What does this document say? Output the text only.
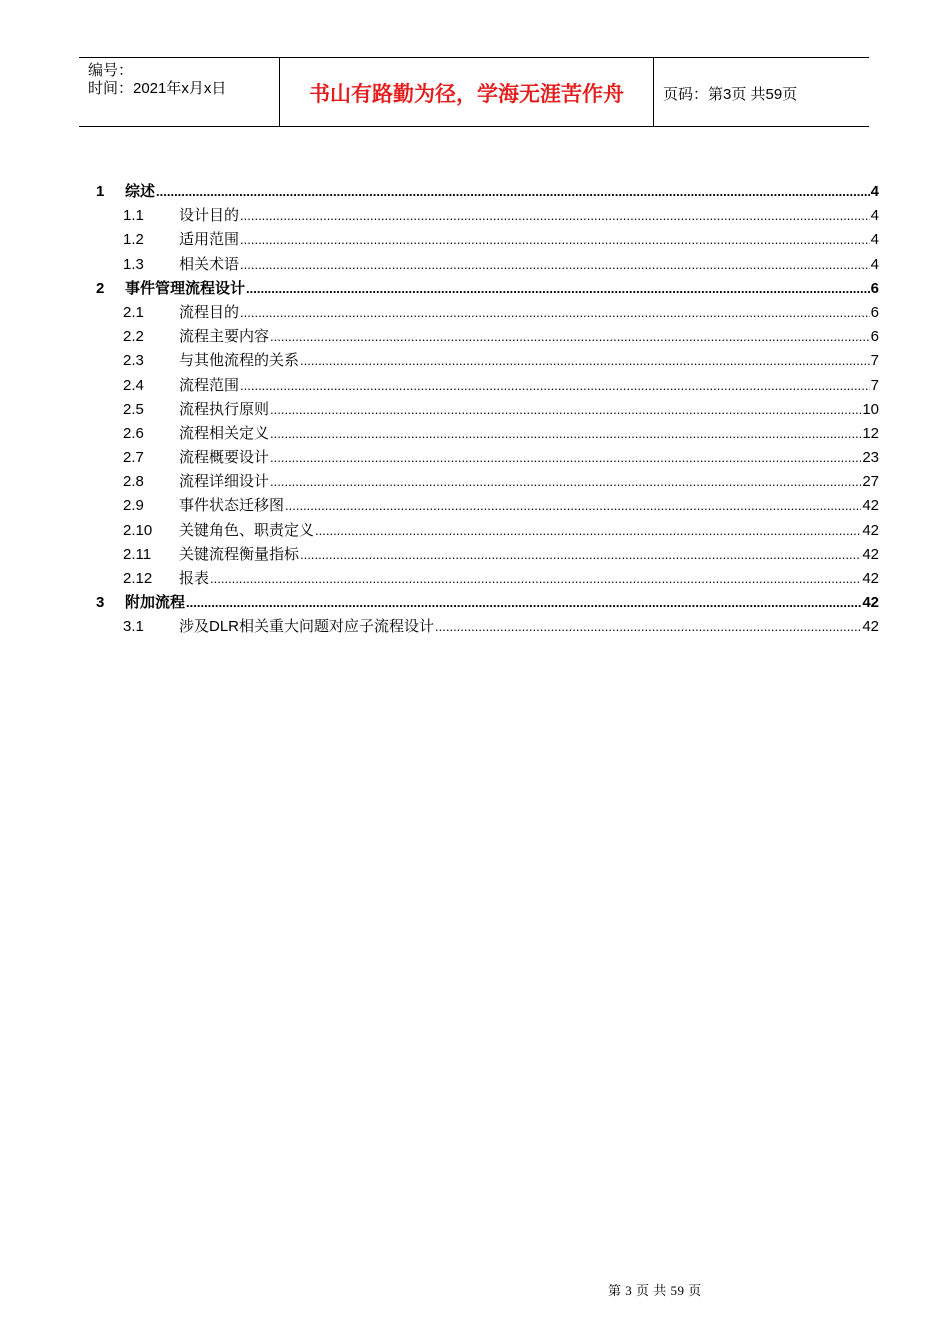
编号：
时间：2021年x月x日	书山有路勤为径，学海无涯苦作舟	页码：第3页 共59页
1	综述 .....	4
1.1	设计目的 .....	4
1.2	适用范围 .....	4
1.3	相关术语 .....	4
2	事件管理流程设计 .....	6
2.1	流程目的 .....	6
2.2	流程主要内容 .....	6
2.3	与其他流程的关系 .....	7
2.4	流程范围 .....	7
2.5	流程执行原则 .....	10
2.6	流程相关定义 .....	12
2.7	流程概要设计 .....	23
2.8	流程详细设计 .....	27
2.9	事件状态迁移图 .....	42
2.10	关键角色、职责定义 .....	42
2.11	关键流程衡量指标 .....	42
2.12	报表 .....	42
3	附加流程 .....	42
3.1	涉及DLR相关重大问题对应子流程设计 .....	42
第 3 页 共 59 页
